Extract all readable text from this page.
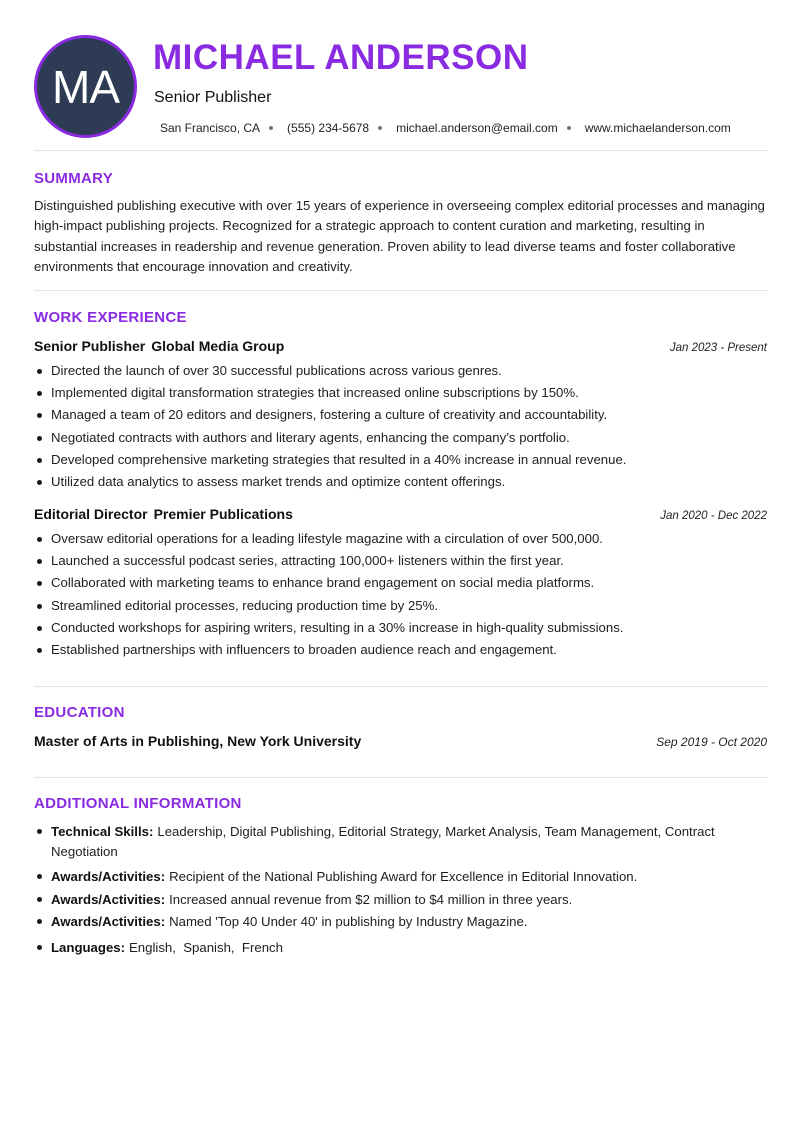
MA
MICHAEL ANDERSON
Senior Publisher
San Francisco, CA (555) 234-5678 michael.anderson@email.com www.michaelanderson.com
SUMMARY
Distinguished publishing executive with over 15 years of experience in overseeing complex editorial processes and managing high-impact publishing projects. Recognized for a strategic approach to content curation and marketing, resulting in substantial increases in readership and revenue generation. Proven ability to lead diverse teams and foster collaborative environments that encourage innovation and creativity.
WORK EXPERIENCE
Senior Publisher Global Media Group	Jan 2023 - Present
Directed the launch of over 30 successful publications across various genres.
Implemented digital transformation strategies that increased online subscriptions by 150%.
Managed a team of 20 editors and designers, fostering a culture of creativity and accountability.
Negotiated contracts with authors and literary agents, enhancing the company’s portfolio.
Developed comprehensive marketing strategies that resulted in a 40% increase in annual revenue.
Utilized data analytics to assess market trends and optimize content offerings.
Editorial Director Premier Publications	Jan 2020 - Dec 2022
Oversaw editorial operations for a leading lifestyle magazine with a circulation of over 500,000.
Launched a successful podcast series, attracting 100,000+ listeners within the first year.
Collaborated with marketing teams to enhance brand engagement on social media platforms.
Streamlined editorial processes, reducing production time by 25%.
Conducted workshops for aspiring writers, resulting in a 30% increase in high-quality submissions.
Established partnerships with influencers to broaden audience reach and engagement.
EDUCATION
Master of Arts in Publishing, New York University	Sep 2019 - Oct 2020
ADDITIONAL INFORMATION
Technical Skills: Leadership, Digital Publishing, Editorial Strategy, Market Analysis, Team Management, Contract Negotiation
Awards/Activities: Recipient of the National Publishing Award for Excellence in Editorial Innovation.
Awards/Activities: Increased annual revenue from $2 million to $4 million in three years.
Awards/Activities: Named 'Top 40 Under 40' in publishing by Industry Magazine.
Languages: English,  Spanish,  French
